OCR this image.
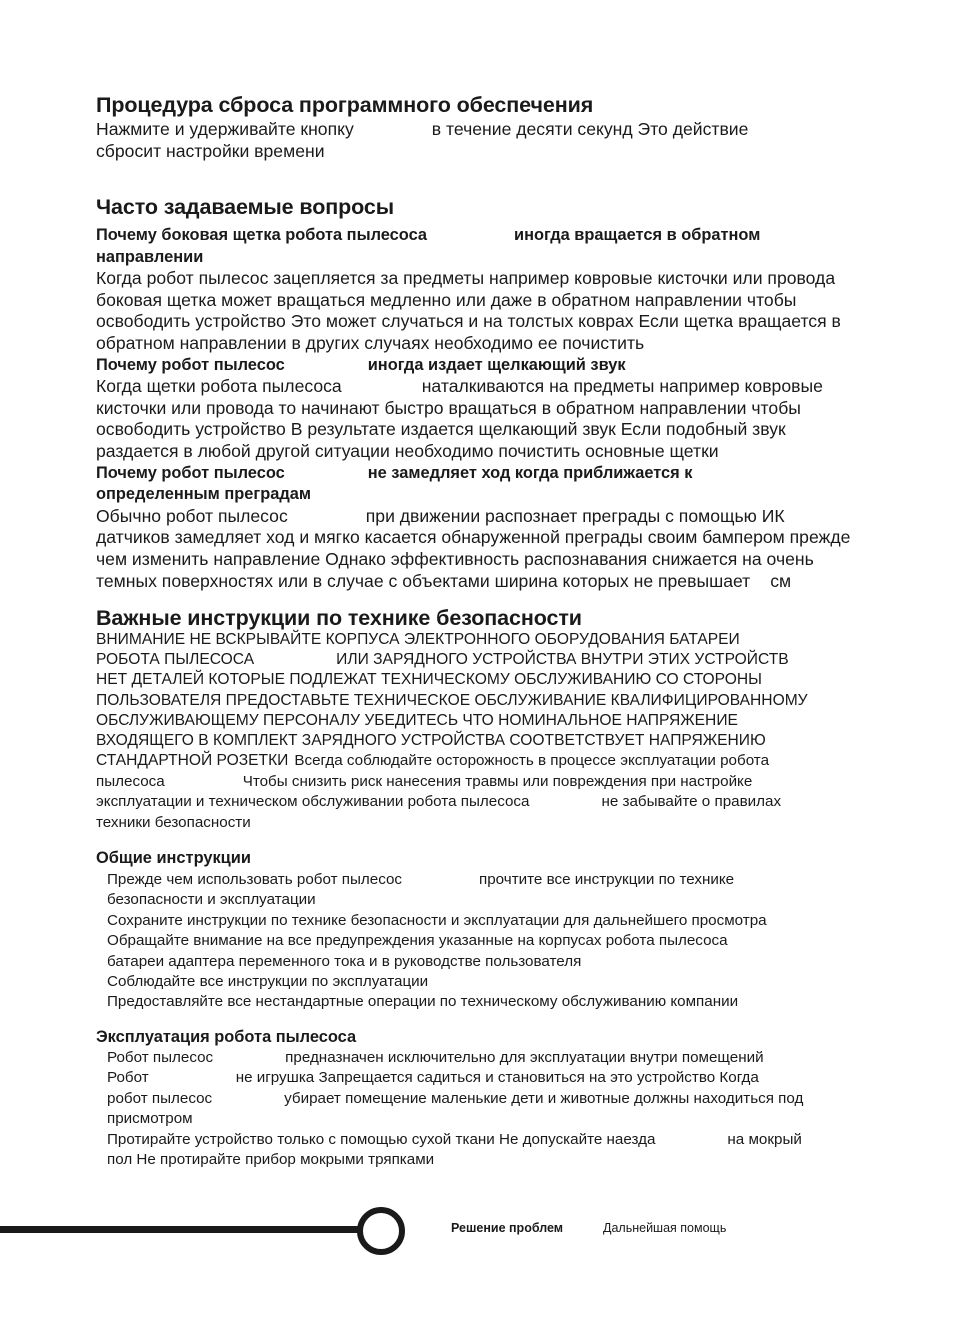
Процедура сброса программного обеспечения
Нажмите и удерживайте кнопку	в течение десяти секунд Это действие
сбросит настройки времени
Часто задаваемые вопросы
Почему боковая щетка робота пылесоса	иногда вращается в обратном
направлении
Когда робот пылесос зацепляется за предметы например ковровые кисточки или провода
боковая щетка может вращаться медленно или даже в обратном направлении чтобы
освободить устройство Это может случаться и на толстых коврах Если щетка вращается в
обратном направлении в других случаях необходимо ее почистить
Почему робот пылесос	иногда издает щелкающий звук
Когда щетки робота пылесоса	наталкиваются на предметы например ковровые
кисточки или провода то начинают быстро вращаться в обратном направлении чтобы
освободить устройство В результате издается щелкающий звук Если подобный звук
раздается в любой другой ситуации необходимо почистить основные щетки
Почему робот пылесос	не замедляет ход когда приближается к
определенным преградам
Обычно робот пылесос	при движении распознает преграды с помощью ИК
датчиков замедляет ход и мягко касается обнаруженной преграды своим бампером прежде
чем изменить направление Однако эффективность распознавания снижается на очень
темных поверхностях или в случае с объектами ширина которых не превышает см
Важные инструкции по технике безопасности
ВНИМАНИЕ НЕ ВСКРЫВАЙТЕ КОРПУСА ЭЛЕКТРОННОГО ОБОРУДОВАНИЯ БАТАРЕИ
РОБОТА ПЫЛЕСОСА	ИЛИ ЗАРЯДНОГО УСТРОЙСТВА ВНУТРИ ЭТИХ УСТРОЙСТВ
НЕТ ДЕТАЛЕЙ КОТОРЫЕ ПОДЛЕЖАТ ТЕХНИЧЕСКОМУ ОБСЛУЖИВАНИЮ СО СТОРОНЫ
ПОЛЬЗОВАТЕЛЯ ПРЕДОСТАВЬТЕ ТЕХНИЧЕСКОЕ ОБСЛУЖИВАНИЕ КВАЛИФИЦИРОВАННОМУ
ОБСЛУЖИВАЮЩЕМУ ПЕРСОНАЛУ УБЕДИТЕСЬ ЧТО НОМИНАЛЬНОЕ НАПРЯЖЕНИЕ
ВХОДЯЩЕГО В КОМПЛЕКТ ЗАРЯДНОГО УСТРОЙСТВА СООТВЕТСТВУЕТ НАПРЯЖЕНИЮ
СТАНДАРТНОЙ РОЗЕТКИ Всегда соблюдайте осторожность в процессе эксплуатации робота
пылесоса	Чтобы снизить риск нанесения травмы или повреждения при настройке
эксплуатации и техническом обслуживании робота пылесоса	не забывайте о правилах
техники безопасности
Общие инструкции
Прежде чем использовать робот пылесос	прочтите все инструкции по технике
безопасности и эксплуатации
Сохраните инструкции по технике безопасности и эксплуатации для дальнейшего просмотра
Обращайте внимание на все предупреждения указанные на корпусах робота пылесоса
батареи адаптера переменного тока и в руководстве пользователя
Соблюдайте все инструкции по эксплуатации
Предоставляйте все нестандартные операции по техническому обслуживанию компании
Эксплуатация робота пылесоса
Робот пылесос	предназначен исключительно для эксплуатации внутри помещений
Робот	не игрушка Запрещается садиться и становиться на это устройство Когда
робот пылесос	убирает помещение маленькие дети и животные должны находиться под
присмотром
Протирайте устройство только с помощью сухой ткани Не допускайте наезда	на мокрый
пол Не протирайте прибор мокрыми тряпками
Решение проблем	Дальнейшая помощь
